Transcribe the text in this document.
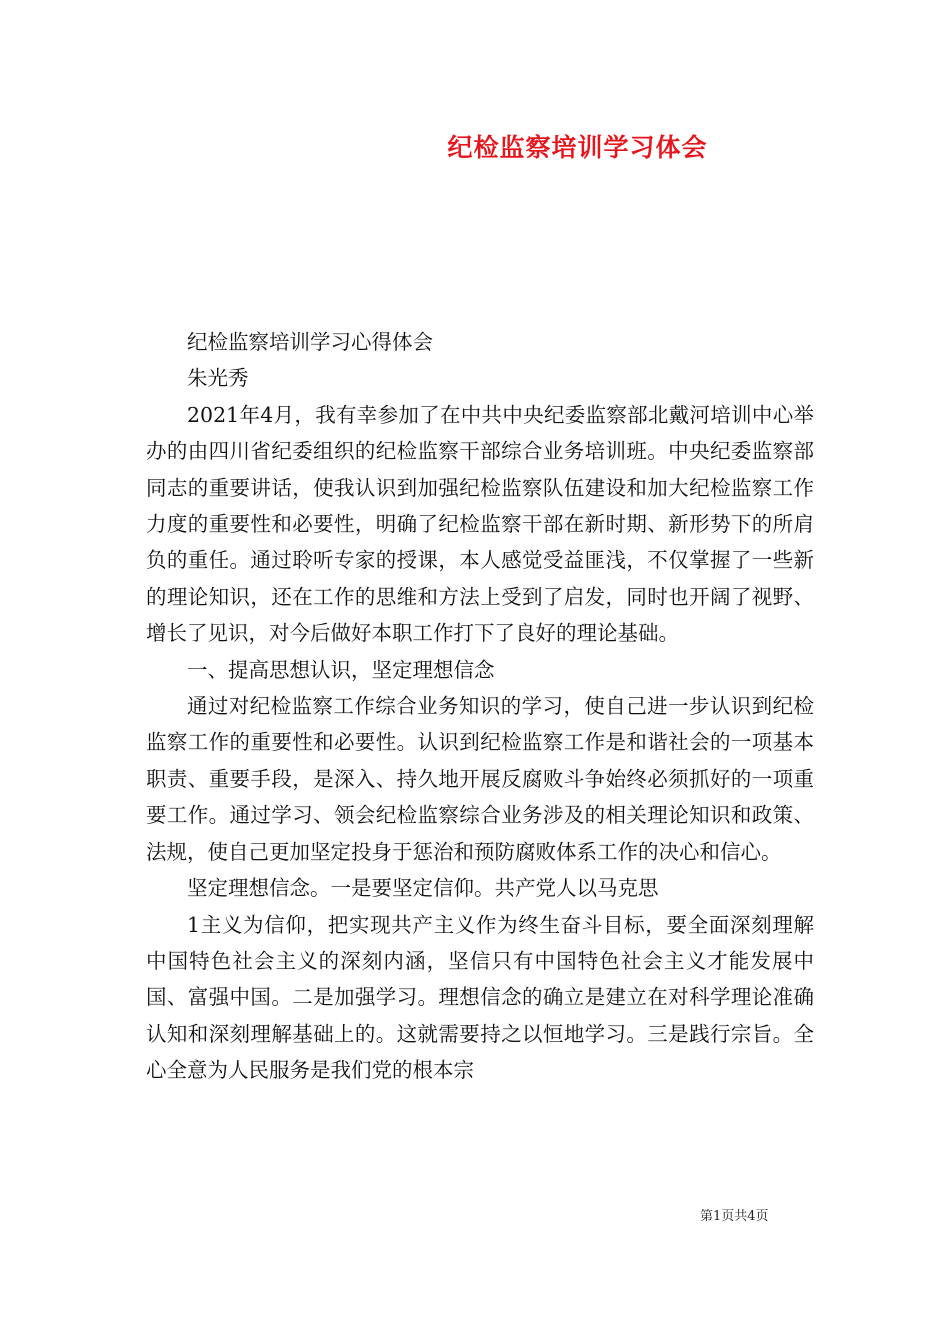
纪检监察培训学习体会

纪检监察培训学习心得体会

朱光秀

2021年4月，我有幸参加了在中共中央纪委监察部北戴河培训中心举办的由四川省纪委组织的纪检监察干部综合业务培训班。中央纪委监察部同志的重要讲话，使我认识到加强纪检监察队伍建设和加大纪检监察工作力度的重要性和必要性，明确了纪检监察干部在新时期、新形势下的所肩负的重任。通过聆听专家的授课，本人感觉受益匪浅，不仅掌握了一些新的理论知识，还在工作的思维和方法上受到了启发，同时也开阔了视野、增长了见识，对今后做好本职工作打下了良好的理论基础。

一、提高思想认识，坚定理想信念

通过对纪检监察工作综合业务知识的学习，使自己进一步认识到纪检监察工作的重要性和必要性。认识到纪检监察工作是和谐社会的一项基本职责、重要手段，是深入、持久地开展反腐败斗争始终必须抓好的一项重要工作。通过学习、领会纪检监察综合业务涉及的相关理论知识和政策、法规，使自己更加坚定投身于惩治和预防腐败体系工作的决心和信心。

坚定理想信念。一是要坚定信仰。共产党人以马克思

1主义为信仰，把实现共产主义作为终生奋斗目标，要全面深刻理解中国特色社会主义的深刻内涵，坚信只有中国特色社会主义才能发展中国、富强中国。二是加强学习。理想信念的确立是建立在对科学理论准确认知和深刻理解基础上的。这就需要持之以恒地学习。三是践行宗旨。全心全意为人民服务是我们党的根本宗

第1页共4页
